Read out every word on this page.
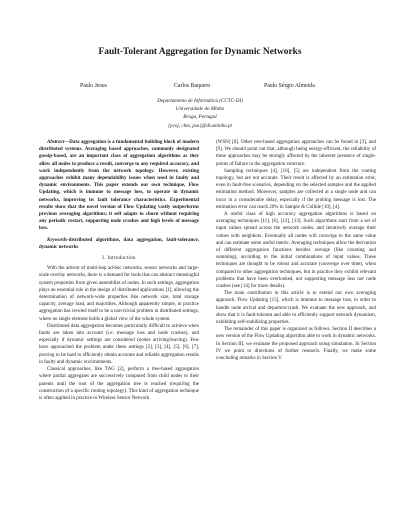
Fault-Tolerant Aggregation for Dynamic Networks
Paulo Jesus	Carlos Baquero	Paulo Sérgio Almeida
Departamento de Informática (CCTC-DI)
Universidade do Minho
Braga, Portugal
{pcoj, cbm, psa}@di.uminho.pt

Abstract—Data aggregation is a fundamental building block of modern distributed systems. Averaging based approaches, commonly designated gossip-based, are an important class of aggregation algorithms as they allow all nodes to produce a result, converge to any required accuracy, and work independently from the network topology. However, existing approaches exhibit many dependability issues when used in faulty and dynamic environments. This paper extends our own technique, Flow Updating, which is immune to message loss, to operate in dynamic networks, improving its fault tolerance characteristics. Experimental results show that the novel version of Flow Updating vastly outperforms previous averaging algorithms; it self adapts to churn without requiring any periodic restart, supporting node crashes and high levels of message loss.

Keywords-distributed algorithms, data aggregation, fault-tolerance, dynamic networks

I. Introduction

With the advent of multi-hop ad-hoc networks, sensor networks and large-scale overlay networks, there is a demand for tools that can abstract meaningful system properties from given assemblies of nodes. In such settings, aggregation plays an essential role in the design of distributed applications [1], allowing the determination of network-wide properties like network size, total storage capacity, average load, and majorities. Although apparently simple, in practice aggregation has reveled itself to be a non-trivial problem in distributed settings, where no single element holds a global view of the whole system.

Distributed data aggregation becomes particularly difficult to achieve when faults are taken into account (i.e. message loss and node crashes), and especially if dynamic settings are considered (nodes arriving/leaving). Few have approached the problem under these settings [2], [3], [4], [5], [6], [7], proving to be hard to efficiently obtain accurate and reliable aggregation results in faulty and dynamic environments.

Classical approaches, like TAG [2], perform a tree-based aggregation where partial aggregates are successively computed from child nodes to their parents until the root of the aggregation tree is reached (requiring the construction of a specific routing topology). This kind of aggregation technique is often applied in practice to Wireless Sensor Network

(WSN) [8]. Other tree-based aggregation approaches can be found in [3], and [9]. We should point out that, although being energy-efficient, the reliability of these approaches may be strongly affected by the inherent presence of single-points of failure in the aggregation structure.

Sampling techniques [4], [10], [5] are independent from the routing topology, but are not accurate. Their result is affected by an estimation error, even in fault-free scenarios, depending on the selected samples and the applied estimation method. Moreover, samples are collected at a single node and can incur in a considerable delay, especially if the probing message is lost. The estimation error can reach 20% in Sample & Collide [10], [4].

A useful class of high accuracy aggregation algorithms is based on averaging techniques [11], [6], [12], [13]. Such algorithms start from a set of input values spread across the network nodes, and iteratively average their values with neighbors. Eventually all nodes will converge to the same value and can estimate some useful metric. Averaging techniques allow the derivation of different aggregation functions besides average (like counting and summing), according to the initial combinations of input values. These techniques are thought to be robust and accurate (converge over time), when compared to other aggregation techniques, but in practice they exhibit relevant problems that have been overlooked, not supporting message loss nor node crashes (see [14] for more details).

The main contribution in this article is to extend our own averaging approach, Flow Updating [15], which is immune to message loss, in order to handle node arrival and departure/crash. We evaluate the new approach, and show that it is fault-tolerant and able to efficiently support network dynamism, exhibiting self-stabilizing properties.

The remainder of this paper is organized as follows. Section II describes a new version of the Flow Updating algorithm able to work in dynamic networks. In Section III, we evaluate the proposed approach using simulation. In Section IV we point to directions of further research. Finally, we make some concluding remarks in Section V.
